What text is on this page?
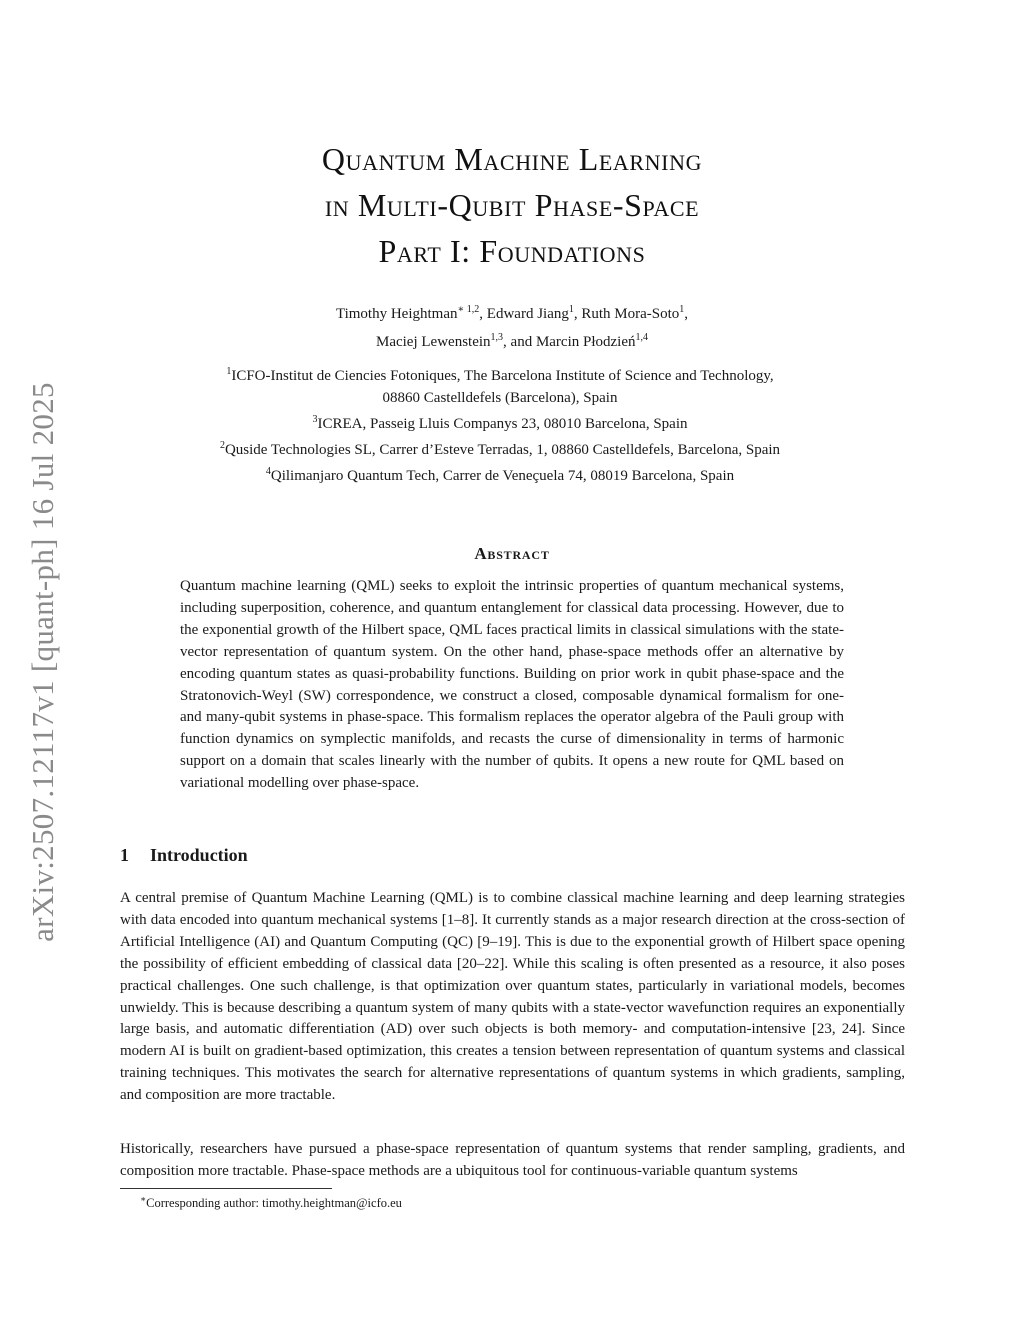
arXiv:2507.12117v1 [quant-ph] 16 Jul 2025
Quantum Machine Learning
in Multi-Qubit Phase-Space
Part I: Foundations
Timothy Heightman$^{∗ 1,2}$, Edward Jiang$^1$, Ruth Mora-Soto$^1$,
Maciej Lewenstein$^{1,3}$, and Marcin Płodzień$^{1,4}$
$^1$ICFO-Institut de Ciencies Fotoniques, The Barcelona Institute of Science and Technology,
08860 Castelldefels (Barcelona), Spain
$^3$ICREA, Passeig Lluis Companys 23, 08010 Barcelona, Spain
$^2$Quside Technologies SL, Carrer d’Esteve Terradas, 1, 08860 Castelldefels, Barcelona, Spain
$^4$Qilimanjaro Quantum Tech, Carrer de Veneçuela 74, 08019 Barcelona, Spain
Abstract
Quantum machine learning (QML) seeks to exploit the intrinsic properties of quantum mechanical systems, including superposition, coherence, and quantum entanglement for classical data processing. However, due to the exponential growth of the Hilbert space, QML faces practical limits in classical simulations with the state-vector representation of quantum system. On the other hand, phase-space methods offer an alternative by encoding quantum states as quasi-probability functions. Building on prior work in qubit phase-space and the Stratonovich-Weyl (SW) correspondence, we construct a closed, composable dynamical formalism for one- and many-qubit systems in phase-space. This formalism replaces the operator algebra of the Pauli group with function dynamics on symplectic manifolds, and recasts the curse of dimensionality in terms of harmonic support on a domain that scales linearly with the number of qubits. It opens a new route for QML based on variational modelling over phase-space.
1 Introduction
A central premise of Quantum Machine Learning (QML) is to combine classical machine learning and deep learning strategies with data encoded into quantum mechanical systems [1–8]. It currently stands as a major research direction at the cross-section of Artificial Intelligence (AI) and Quantum Computing (QC) [9–19]. This is due to the exponential growth of Hilbert space opening the possibility of efficient embedding of classical data [20–22]. While this scaling is often presented as a resource, it also poses practical challenges. One such challenge, is that optimization over quantum states, particularly in variational models, becomes unwieldy. This is because describing a quantum system of many qubits with a state-vector wavefunction requires an exponentially large basis, and automatic differentiation (AD) over such objects is both memory- and computation-intensive [23, 24]. Since modern AI is built on gradient-based optimization, this creates a tension between representation of quantum systems and classical training techniques. This motivates the search for alternative representations of quantum systems in which gradients, sampling, and composition are more tractable.
Historically, researchers have pursued a phase-space representation of quantum systems that render sampling, gradients, and composition more tractable. Phase-space methods are a ubiquitous tool for continuous-variable quantum systems
∗Corresponding author: timothy.heightman@icfo.eu
